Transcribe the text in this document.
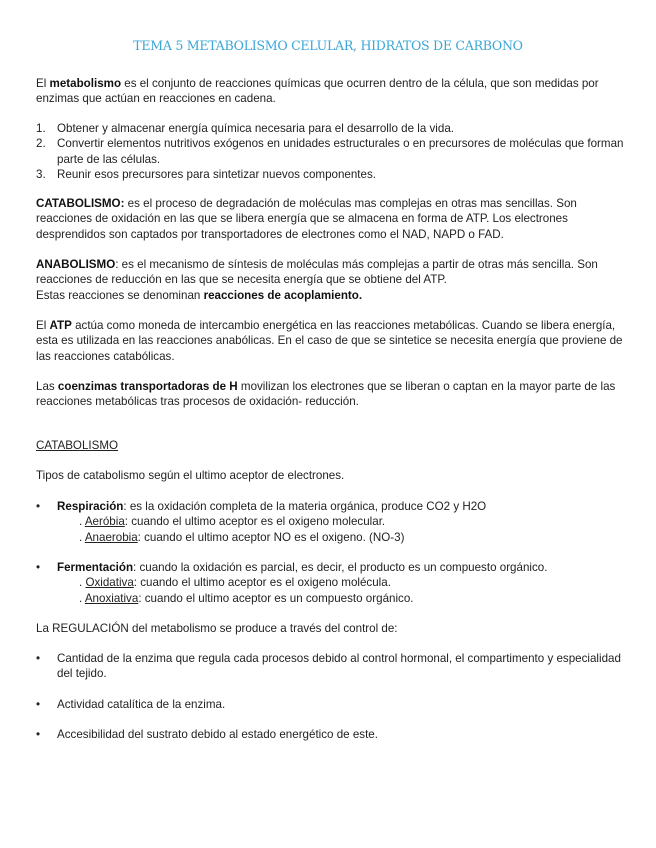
TEMA 5 METABOLISMO CELULAR, HIDRATOS DE CARBONO

El metabolismo es el conjunto de reacciones químicas que ocurren dentro de la célula, que son medidas por enzimas que actúan en reacciones en cadena.

1. Obtener y almacenar energía química necesaria para el desarrollo de la vida.
2. Convertir elementos nutritivos exógenos en unidades estructurales o en precursores de moléculas que forman parte de las células.
3. Reunir esos precursores para sintetizar nuevos componentes.

CATABOLISMO: es el proceso de degradación de moléculas mas complejas en otras mas sencillas. Son reacciones de oxidación en las que se libera energía que se almacena en forma de ATP. Los electrones desprendidos son captados por transportadores de electrones como el NAD, NAPD o FAD.

ANABOLISMO: es el mecanismo de síntesis de moléculas más complejas a partir de otras más sencilla. Son reacciones de reducción en las que se necesita energía que se obtiene del ATP.
Estas reacciones se denominan reacciones de acoplamiento.

El ATP actúa como moneda de intercambio energética en las reacciones metabólicas. Cuando se libera energía, esta es utilizada en las reacciones anabólicas. En el caso de que se sintetice se necesita energía que proviene de las reacciones catabólicas.

Las coenzimas transportadoras de H movilizan los electrones que se liberan o captan en la mayor parte de las reacciones metabólicas tras procesos de oxidación- reducción.

CATABOLISMO

Tipos de catabolismo según el ultimo aceptor de electrones.

•	Respiración: es la oxidación completa de la materia orgánica, produce CO2 y H2O
. Aeróbia: cuando el ultimo aceptor es el oxigeno molecular.
. Anaerobia: cuando el ultimo aceptor NO es el oxigeno. (NO-3)
•	Fermentación: cuando la oxidación es parcial, es decir, el producto es un compuesto orgánico.
. Oxidativa: cuando el ultimo aceptor es el oxigeno molécula.
. Anoxiativa: cuando el ultimo aceptor es un compuesto orgánico.

La REGULACIÓN del metabolismo se produce a través del control de:

•	Cantidad de la enzima que regula cada procesos debido al control hormonal, el compartimento y especialidad del tejido.
•	Actividad catalítica de la enzima.
•	Accesibilidad del sustrato debido al estado energético de este.
